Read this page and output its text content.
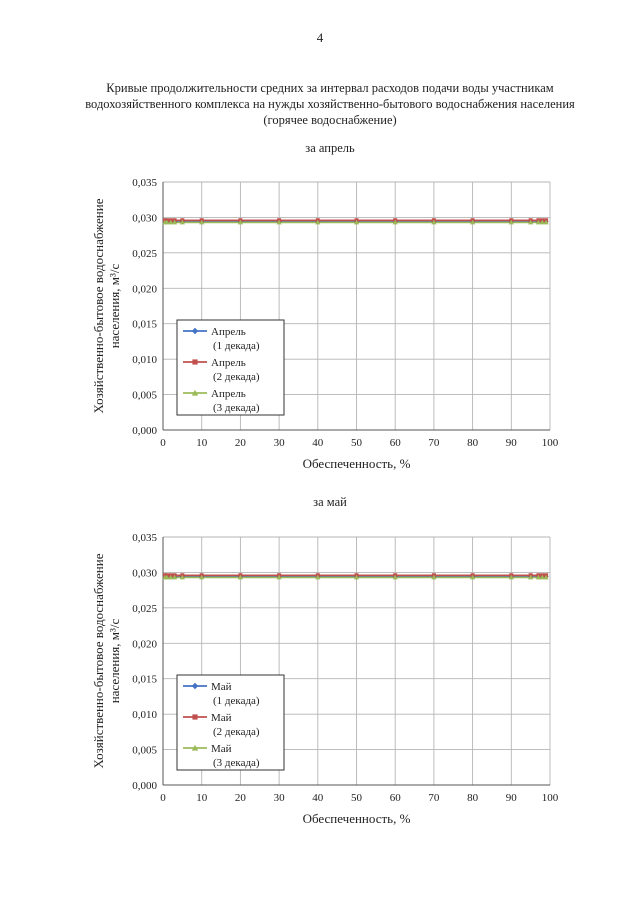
4
Кривые продолжительности средних за интервал расходов подачи воды участникам
водохозяйственного комплекса на нужды хозяйственно-бытового водоснабжения населения
(горячее водоснабжение)
за апрель
0,000
0,005
0,010
0,015
0,020
0,025
0,030
0,035
0	10	20	30	40	50	60	70	80	90 100
Обеспеченность, %
Хозяйственно-бытовое водоснабжениенаселения, м³/с	Апрель
(1 декада)
Апрель
(2 декада)
Апрель
(3 декада)
за май
0,000
0,005
0,010
0,015
0,020
0,025
0,030
0,035
0	10	20	30	40	50	60	70	80	90 100
Обеспеченность, %
Хозяйственно-бытовое водоснабжениенаселения, м³/с	Май
(1 декада)
Май
(2 декада)
Май
(3 декада)
